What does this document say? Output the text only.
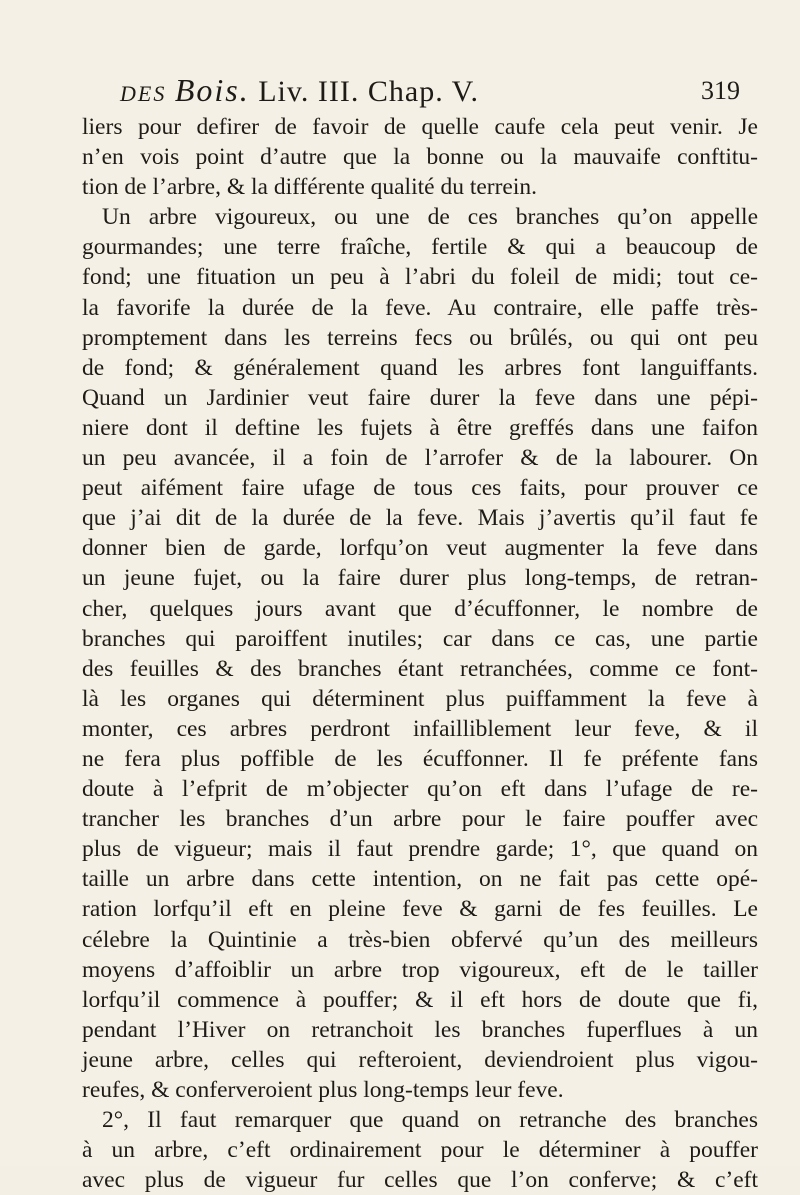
DES Bois. Liv. III. Chap. V.	319
liers pour defirer de favoir de quelle caufe cela peut venir. Je
n’en vois point d’autre que la bonne ou la mauvaife conftitu-
tion de l’arbre, & la différente qualité du terrein.
Un arbre vigoureux, ou une de ces branches qu’on appelle
gourmandes; une terre fraîche, fertile & qui a beaucoup de
fond; une fituation un peu à l’abri du foleil de midi; tout ce-
la favorife la durée de la feve. Au contraire, elle paffe très-
promptement dans les terreins fecs ou brûlés, ou qui ont peu
de fond; & généralement quand les arbres font languiffants.
Quand un Jardinier veut faire durer la feve dans une pépi-
niere dont il deftine les fujets à être greffés dans une faifon
un peu avancée, il a foin de l’arrofer & de la labourer. On
peut aifément faire ufage de tous ces faits, pour prouver ce
que j’ai dit de la durée de la feve. Mais j’avertis qu’il faut fe
donner bien de garde, lorfqu’on veut augmenter la feve dans
un jeune fujet, ou la faire durer plus long-temps, de retran-
cher, quelques jours avant que d’écuffonner, le nombre de
branches qui paroiffent inutiles; car dans ce cas, une partie
des feuilles & des branches étant retranchées, comme ce font-
là les organes qui déterminent plus puiffamment la feve à
monter, ces arbres perdront infailliblement leur feve, & il
ne fera plus poffible de les écuffonner. Il fe préfente fans
doute à l’efprit de m’objecter qu’on eft dans l’ufage de re-
trancher les branches d’un arbre pour le faire pouffer avec
plus de vigueur; mais il faut prendre garde; 1°, que quand on
taille un arbre dans cette intention, on ne fait pas cette opé-
ration lorfqu’il eft en pleine feve & garni de fes feuilles. Le
célebre la Quintinie a très-bien obfervé qu’un des meilleurs
moyens d’affoiblir un arbre trop vigoureux, eft de le tailler
lorfqu’il commence à pouffer; & il eft hors de doute que fi,
pendant l’Hiver on retranchoit les branches fuperflues à un
jeune arbre, celles qui refteroient, deviendroient plus vigou-
reufes, & conferveroient plus long-temps leur feve.
2°, Il faut remarquer que quand on retranche des branches
à un arbre, c’eft ordinairement pour le déterminer à pouffer
avec plus de vigueur fur celles que l’on conferve; & c’eft
